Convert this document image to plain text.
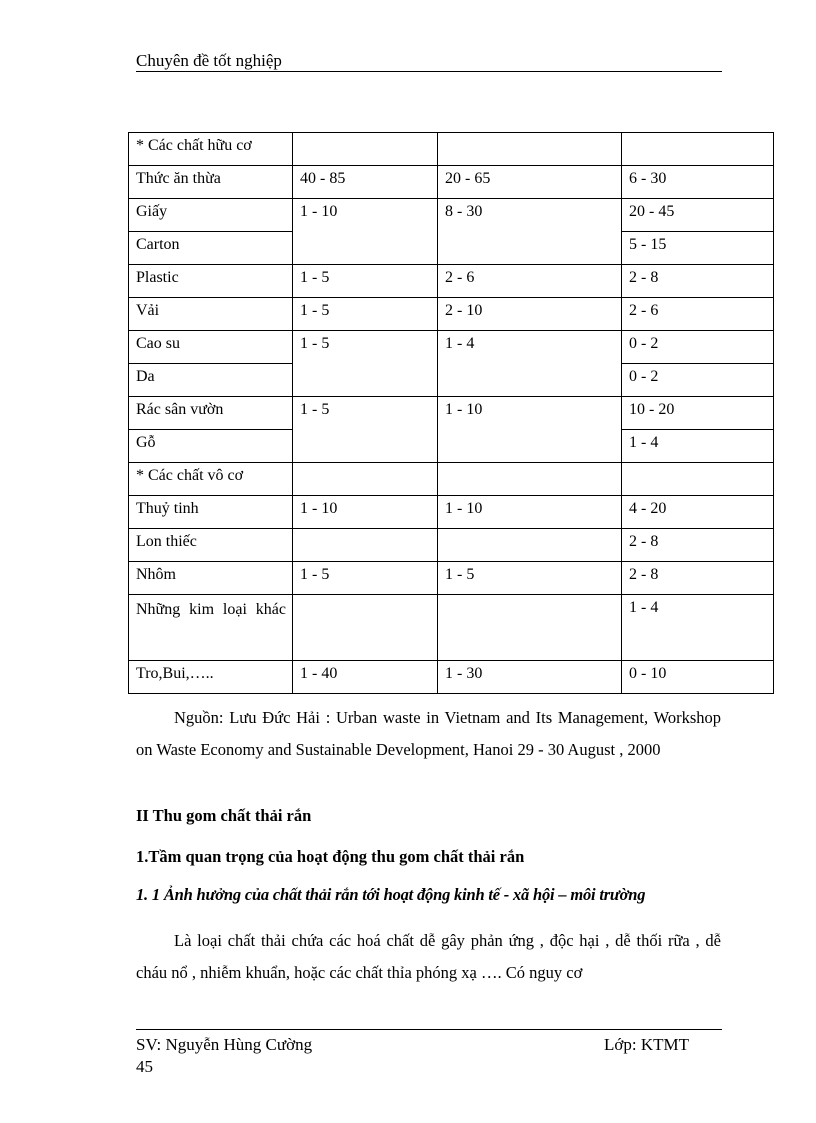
Chuyên đề tốt nghiệp
* Các chất hữu cơ			
Thức ăn thừa	40 - 85	20 - 65	6 - 30
Giấy	1 - 10	8 - 30	20 - 45
Carton			5 - 15
Plastic	1 - 5	2 - 6	2 - 8
Vải	1 - 5	2 - 10	2 - 6
Cao su	1 - 5	1 - 4	0 - 2
Da			0 - 2
Rác sân vườn	1 - 5	1 - 10	10 - 20
Gỗ			1 - 4
* Các chất vô cơ			
Thuỷ tinh	1 - 10	1 - 10	4 - 20
Lon thiếc			2 - 8
Nhôm	1 - 5	1 - 5	2 - 8
Những kim loại khác			1 - 4
Tro,Bui,…..	1 - 40	1 - 30	0 - 10
Nguồn: Lưu Đức Hải : Urban waste in Vietnam and Its Management, Workshop on Waste Economy and Sustainable Development, Hanoi 29 - 30 August , 2000
II Thu gom chất thải rắn
1.Tầm quan trọng của hoạt động thu gom chất thải rắn
1. 1 Ảnh hưởng của chất thải rắn tới hoạt động kinh tế - xã hội – môi trường
Là loại chất thải chứa các hoá chất dễ gây phản ứng , độc hại , dễ thối rữa , dễ cháu nổ , nhiễm khuẩn, hoặc các chất thỉa phóng xạ …. Có nguy cơ
SV: Nguyễn Hùng Cường	Lớp: KTMT
45
